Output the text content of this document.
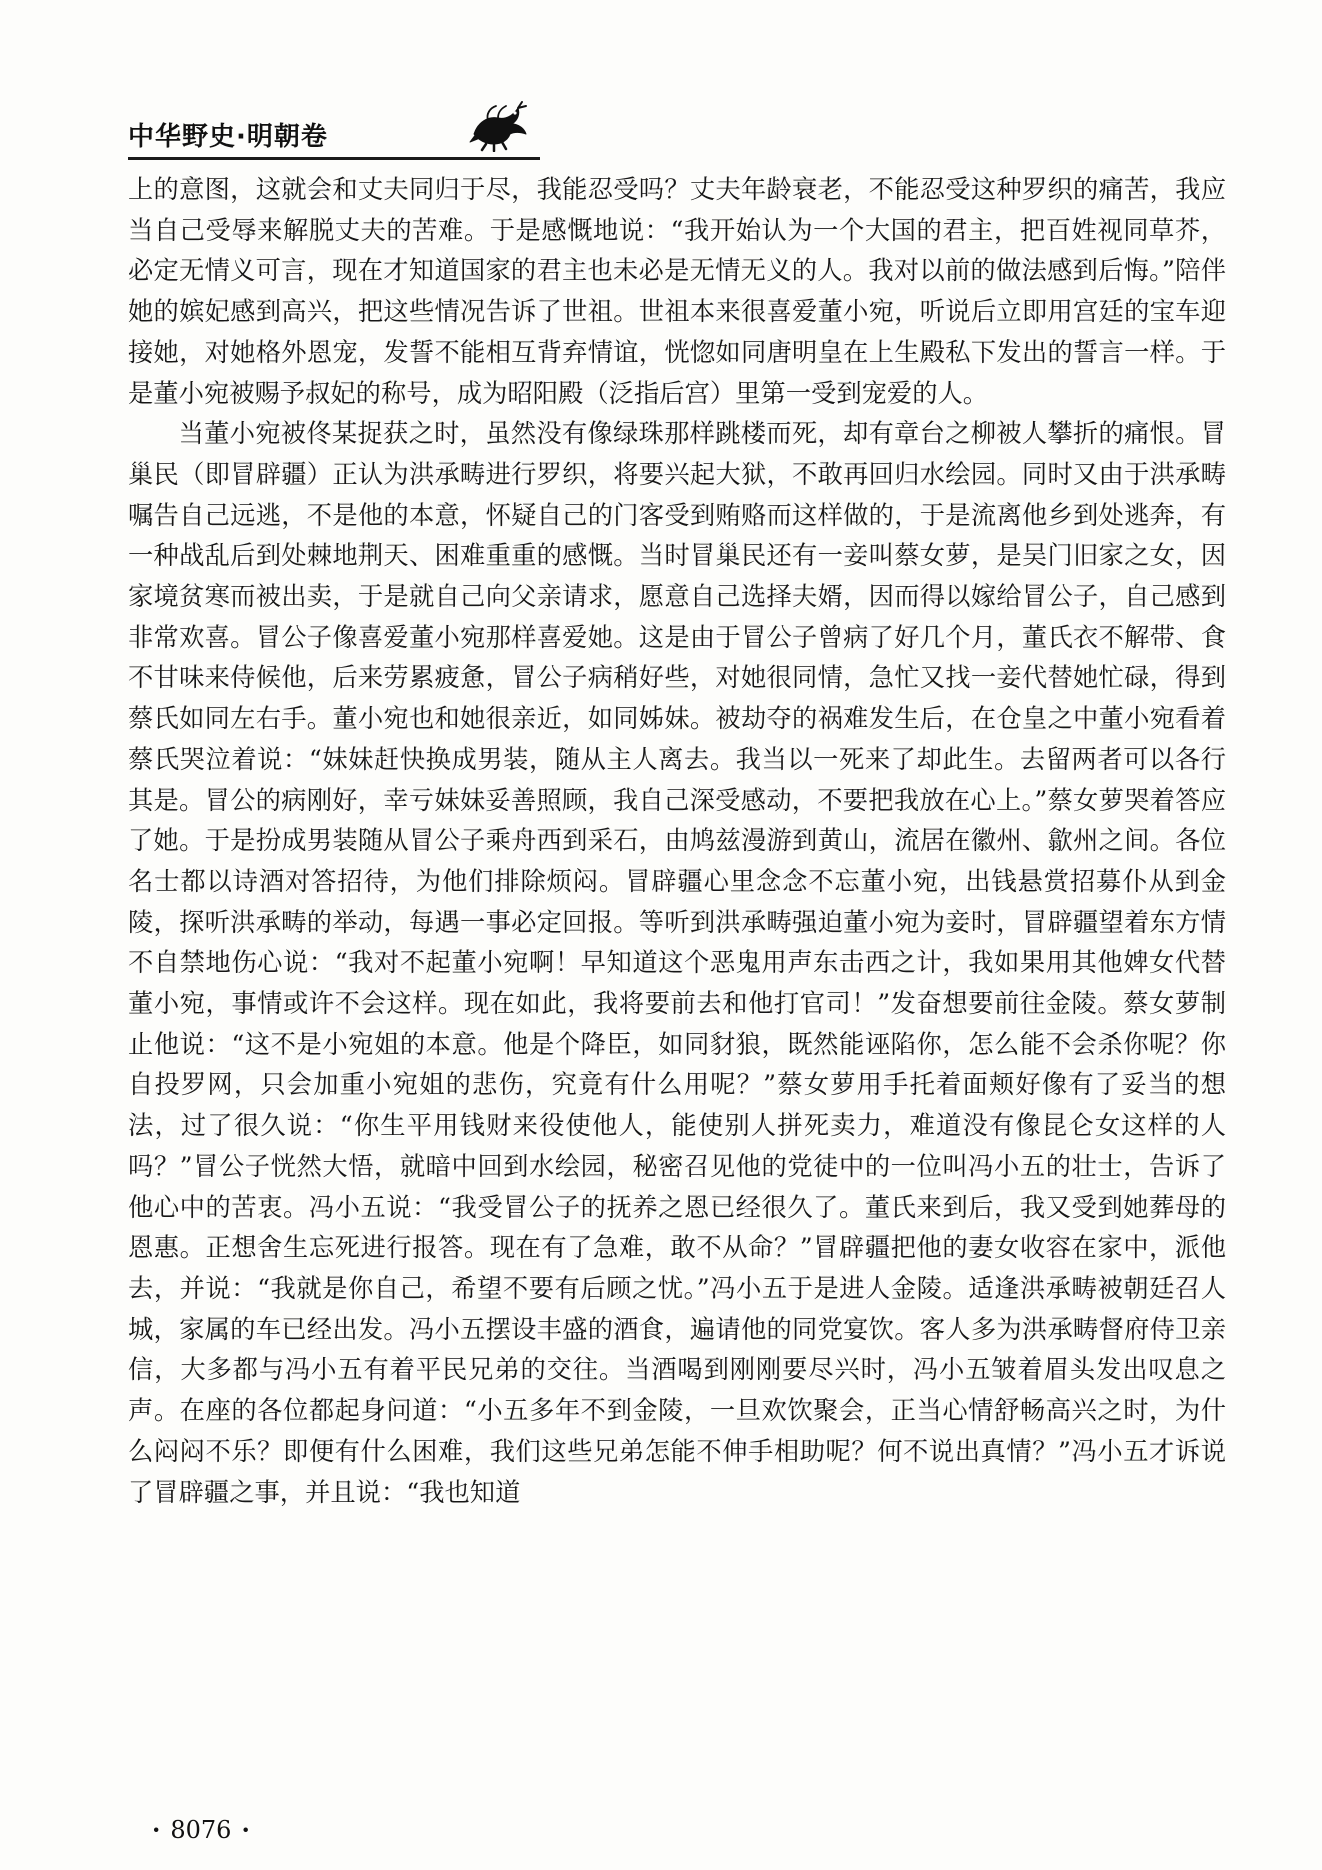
中华野史·明朝卷

上的意图，这就会和丈夫同归于尽，我能忍受吗？丈夫年龄衰老，不能忍受这种罗织的痛苦，我应当自己受辱来解脱丈夫的苦难。于是感慨地说：“我开始认为一个大国的君主，把百姓视同草芥，必定无情义可言，现在才知道国家的君主也未必是无情无义的人。我对以前的做法感到后悔。”陪伴她的嫔妃感到高兴，把这些情况告诉了世祖。世祖本来很喜爱董小宛，听说后立即用宫廷的宝车迎接她，对她格外恩宠，发誓不能相互背弃情谊，恍惚如同唐明皇在上生殿私下发出的誓言一样。于是董小宛被赐予叔妃的称号，成为昭阳殿（泛指后宫）里第一受到宠爱的人。

当董小宛被佟某捉获之时，虽然没有像绿珠那样跳楼而死，却有章台之柳被人攀折的痛恨。冒巢民（即冒辟疆）正认为洪承畴进行罗织，将要兴起大狱，不敢再回归水绘园。同时又由于洪承畴嘱告自己远逃，不是他的本意，怀疑自己的门客受到贿赂而这样做的，于是流离他乡到处逃奔，有一种战乱后到处棘地荆天、困难重重的感慨。当时冒巢民还有一妾叫蔡女萝，是吴门旧家之女，因家境贫寒而被出卖，于是就自己向父亲请求，愿意自己选择夫婿，因而得以嫁给冒公子，自己感到非常欢喜。冒公子像喜爱董小宛那样喜爱她。这是由于冒公子曾病了好几个月，董氏衣不解带、食不甘味来侍候他，后来劳累疲惫，冒公子病稍好些，对她很同情，急忙又找一妾代替她忙碌，得到蔡氏如同左右手。董小宛也和她很亲近，如同姊妹。被劫夺的祸难发生后，在仓皇之中董小宛看着蔡氏哭泣着说：“妹妹赶快换成男装，随从主人离去。我当以一死来了却此生。去留两者可以各行其是。冒公的病刚好，幸亏妹妹妥善照顾，我自己深受感动，不要把我放在心上。”蔡女萝哭着答应了她。于是扮成男装随从冒公子乘舟西到采石，由鸠兹漫游到黄山，流居在徽州、歙州之间。各位名士都以诗酒对答招待，为他们排除烦闷。冒辟疆心里念念不忘董小宛，出钱悬赏招募仆从到金陵，探听洪承畴的举动，每遇一事必定回报。等听到洪承畴强迫董小宛为妾时，冒辟疆望着东方情不自禁地伤心说：“我对不起董小宛啊！早知道这个恶鬼用声东击西之计，我如果用其他婢女代替董小宛，事情或许不会这样。现在如此，我将要前去和他打官司！”发奋想要前往金陵。蔡女萝制止他说：“这不是小宛姐的本意。他是个降臣，如同豺狼，既然能诬陷你，怎么能不会杀你呢？你自投罗网，只会加重小宛姐的悲伤，究竟有什么用呢？”蔡女萝用手托着面颊好像有了妥当的想法，过了很久说：“你生平用钱财来役使他人，能使别人拼死卖力，难道没有像昆仑女这样的人吗？”冒公子恍然大悟，就暗中回到水绘园，秘密召见他的党徒中的一位叫冯小五的壮士，告诉了他心中的苦衷。冯小五说：“我受冒公子的抚养之恩已经很久了。董氏来到后，我又受到她葬母的恩惠。正想舍生忘死进行报答。现在有了急难，敢不从命？”冒辟疆把他的妻女收容在家中，派他去，并说：“我就是你自己，希望不要有后顾之忧。”冯小五于是进人金陵。适逢洪承畴被朝廷召人城，家属的车已经出发。冯小五摆设丰盛的酒食，遍请他的同党宴饮。客人多为洪承畴督府侍卫亲信，大多都与冯小五有着平民兄弟的交往。当酒喝到刚刚要尽兴时，冯小五皱着眉头发出叹息之声。在座的各位都起身问道：“小五多年不到金陵，一旦欢饮聚会，正当心情舒畅高兴之时，为什么闷闷不乐？即便有什么困难，我们这些兄弟怎能不伸手相助呢？何不说出真情？”冯小五才诉说了冒辟疆之事，并且说：“我也知道

· 8076 ·
